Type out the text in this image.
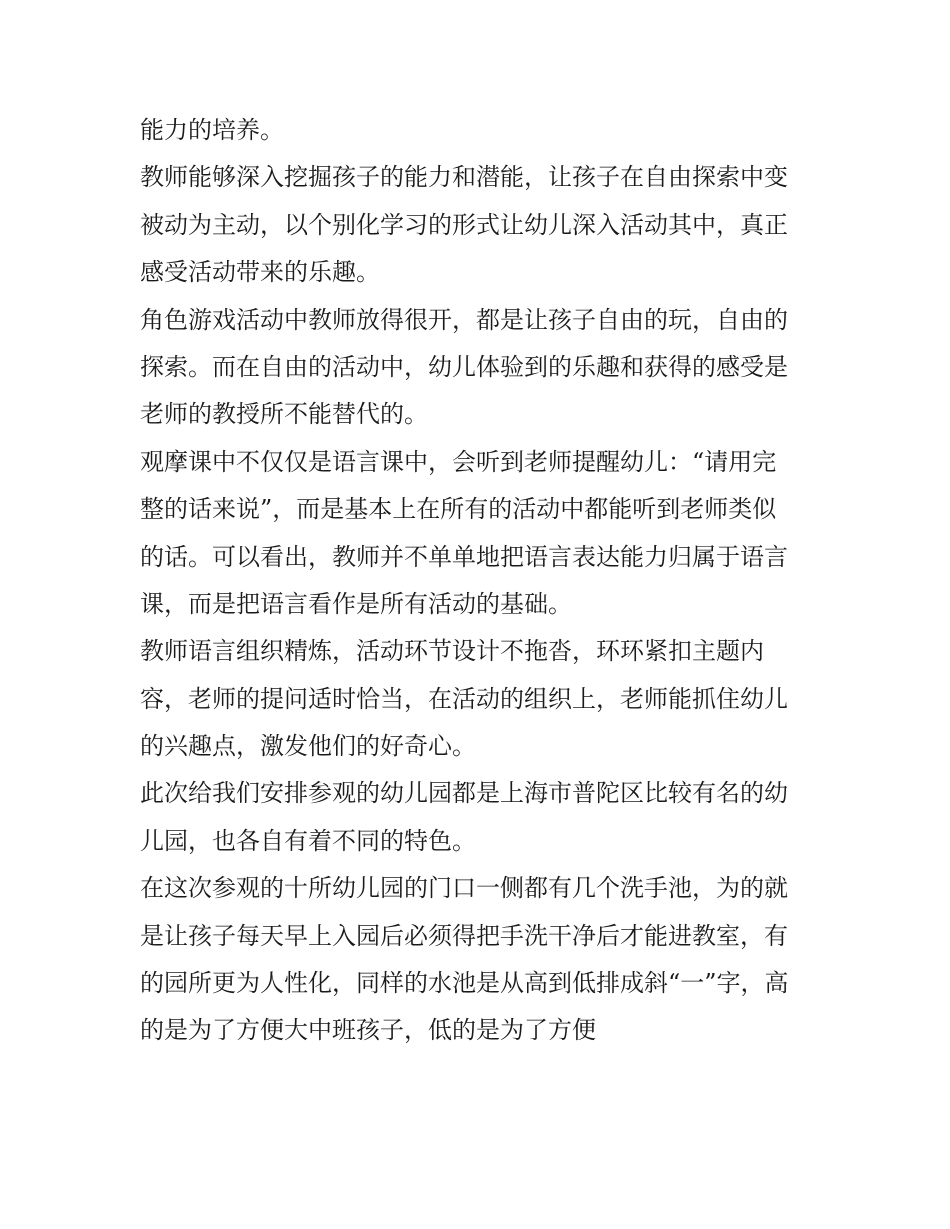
能力的培养。
教师能够深入挖掘孩子的能力和潜能，让孩子在自由探索中变
被动为主动，以个别化学习的形式让幼儿深入活动其中，真正
感受活动带来的乐趣。
角色游戏活动中教师放得很开，都是让孩子自由的玩，自由的
探索。而在自由的活动中，幼儿体验到的乐趣和获得的感受是
老师的教授所不能替代的。
观摩课中不仅仅是语言课中，会听到老师提醒幼儿：“请用完
整的话来说”，而是基本上在所有的活动中都能听到老师类似
的话。可以看出，教师并不单单地把语言表达能力归属于语言
课，而是把语言看作是所有活动的基础。
教师语言组织精炼，活动环节设计不拖沓，环环紧扣主题内
容，老师的提问适时恰当，在活动的组织上，老师能抓住幼儿
的兴趣点，激发他们的好奇心。
此次给我们安排参观的幼儿园都是上海市普陀区比较有名的幼
儿园，也各自有着不同的特色。
在这次参观的十所幼儿园的门口一侧都有几个洗手池，为的就
是让孩子每天早上入园后必须得把手洗干净后才能进教室，有
的园所更为人性化，同样的水池是从高到低排成斜“一”字，高
的是为了方便大中班孩子，低的是为了方便
